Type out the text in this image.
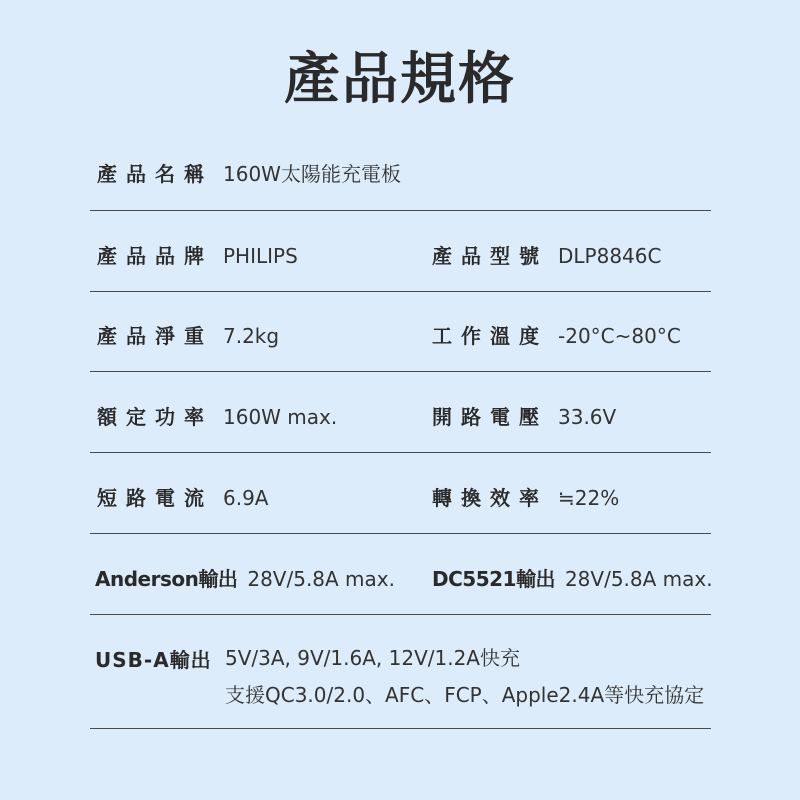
產品規格
產品名稱 160W太陽能充電板
產品品牌 PHILIPS	產品型號 DLP8846C
產品淨重 7.2kg	工作溫度 -20°C~80°C
額定功率 160W max.	開路電壓 33.6V
短路電流 6.9A	轉換效率 ≒22%
Anderson輸出 28V/5.8A max. DC5521輸出 28V/5.8A max.
USB-A輸出 5V/3A, 9V/1.6A, 12V/1.2A快充
支援QC3.0/2.0、AFC、FCP、Apple2.4A等快充協定
